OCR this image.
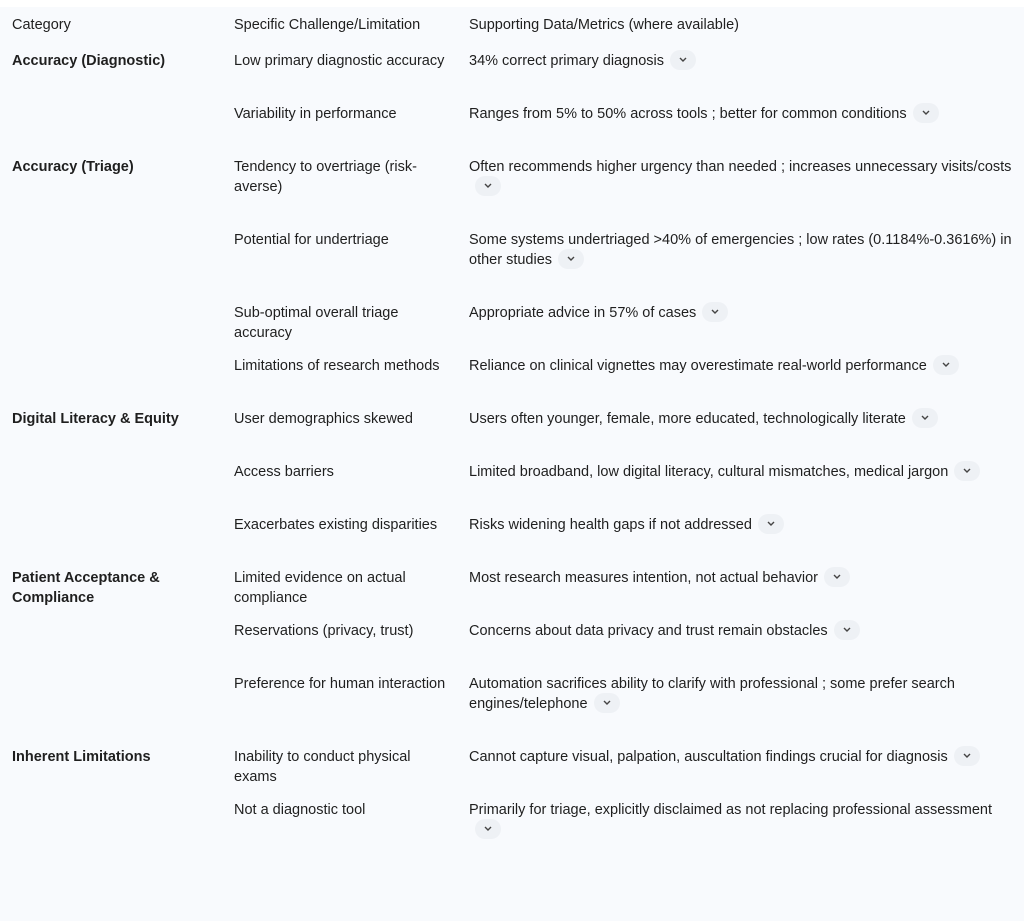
Category	Specific Challenge/Limitation	Supporting Data/Metrics (where available)
Accuracy (Diagnostic)	Low primary diagnostic accuracy	34% correct primary diagnosis

	Variability in performance	Ranges from 5% to 50% across tools ; better for common conditions

Accuracy (Triage)	Tendency to overtriage (risk-averse)	Often recommends higher urgency than needed ; increases unnecessary visits/costs

	Potential for undertriage	Some systems undertriaged >40% of emergencies ; low rates (0.1184%-0.3616%) in other studies

	Sub-optimal overall triage accuracy	Appropriate advice in 57% of cases

	Limitations of research methods	Reliance on clinical vignettes may overestimate real-world performance

Digital Literacy & Equity	User demographics skewed	Users often younger, female, more educated, technologically literate

	Access barriers	Limited broadband, low digital literacy, cultural mismatches, medical jargon

	Exacerbates existing disparities	Risks widening health gaps if not addressed

Patient Acceptance & Compliance	Limited evidence on actual compliance	Most research measures intention, not actual behavior

	Reservations (privacy, trust)	Concerns about data privacy and trust remain obstacles

	Preference for human interaction	Automation sacrifices ability to clarify with professional ; some prefer search engines/telephone

Inherent Limitations	Inability to conduct physical exams	Cannot capture visual, palpation, auscultation findings crucial for diagnosis

	Not a diagnostic tool	Primarily for triage, explicitly disclaimed as not replacing professional assessment
